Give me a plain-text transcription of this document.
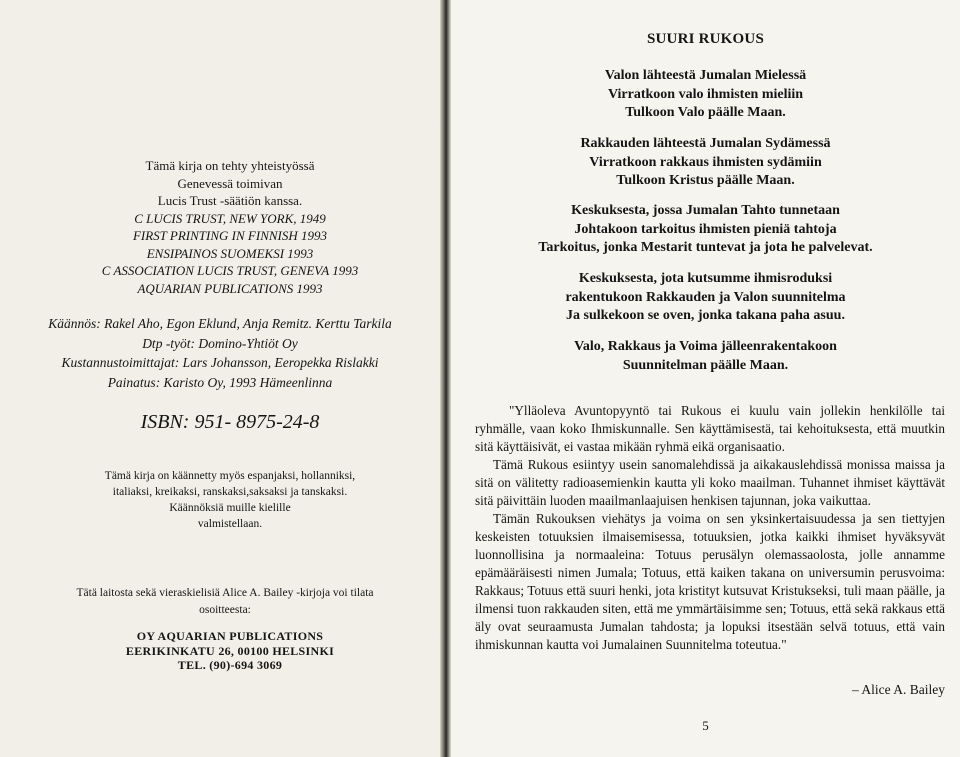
Tämä kirja on tehty yhteistyössä
Genevessä toimivan
Lucis Trust -säätiön kanssa.
C LUCIS TRUST, NEW YORK, 1949
FIRST PRINTING IN FINNISH 1993
ENSIPAINOS SUOMEKSI 1993
C ASSOCIATION LUCIS TRUST, GENEVA 1993
AQUARIAN PUBLICATIONS 1993
Käännös: Rakel Aho, Egon Eklund, Anja Remitz. Kerttu Tarkila
Dtp -työt: Domino-Yhtiöt Oy
Kustannustoimittajat: Lars Johansson, Eeropekka Rislakki
Painatus: Karisto Oy, 1993 Hämeenlinna
ISBN: 951- 8975-24-8
Tämä kirja on käännetty myös espanjaksi, hollanniksi,
italiaksi, kreikaksi, ranskaksi,saksaksi ja tanskaksi.
Käännöksiä muille kielille
valmistellaan.
Tätä laitosta sekä vieraskielisiä Alice A. Bailey -kirjoja voi tilata
osoitteesta:
OY AQUARIAN PUBLICATIONS
EERIKINKATU 26, 00100 HELSINKI
TEL. (90)-694 3069
SUURI RUKOUS
Valon lähteestä Jumalan Mielessä
Virratkoon valo ihmisten mieliin
Tulkoon Valo päälle Maan.
Rakkauden lähteestä Jumalan Sydämessä
Virratkoon rakkaus ihmisten sydämiin
Tulkoon Kristus päälle Maan.
Keskuksesta, jossa Jumalan Tahto tunnetaan
Johtakoon tarkoitus ihmisten pieniä tahtoja
Tarkoitus, jonka Mestarit tuntevat ja jota he palvelevat.
Keskuksesta, jota kutsumme ihmisroduksi
rakentukoon Rakkauden ja Valon suunnitelma
Ja sulkekoon se oven, jonka takana paha asuu.
Valo, Rakkaus ja Voima jälleenrakentakoon
Suunnitelman päälle Maan.

"Ylläoleva Avuntopyyntö tai Rukous ei kuulu vain jollekin henkilölle tai ryhmälle, vaan koko Ihmiskunnalle. Sen käyttämisestä, tai kehoituksesta, että muutkin sitä käyttäisivät, ei vastaa mikään ryhmä eikä organisaatio.

Tämä Rukous esiintyy usein sanomalehdissä ja aikakauslehdissä monissa maissa ja sitä on välitetty radioasemienkin kautta yli koko maailman. Tuhannet ihmiset käyttävät sitä päivittäin luoden maailmanlaajuisen henkisen tajunnan, joka vaikuttaa.

Tämän Rukouksen viehätys ja voima on sen yksinkertaisuudessa ja sen tiettyjen keskeisten totuuksien ilmaisemisessa, totuuksien, jotka kaikki ihmiset hyväksyvät luonnollisina ja normaaleina: Totuus perusälyn olemassaolosta, jolle annamme epämääräisesti nimen Jumala; Totuus, että kaiken takana on universumin perusvoima: Rakkaus; Totuus että suuri henki, jota kristityt kutsuvat Kristukseksi, tuli maan päälle, ja ilmensi tuon rakkauden siten, että me ymmärtäisimme sen; Totuus, että sekä rakkaus että äly ovat seuraamusta Jumalan tahdosta; ja lopuksi itsestään selvä totuus, että vain ihmiskunnan kautta voi Jumalainen Suunnitelma toteutua."

– Alice A. Bailey
5
